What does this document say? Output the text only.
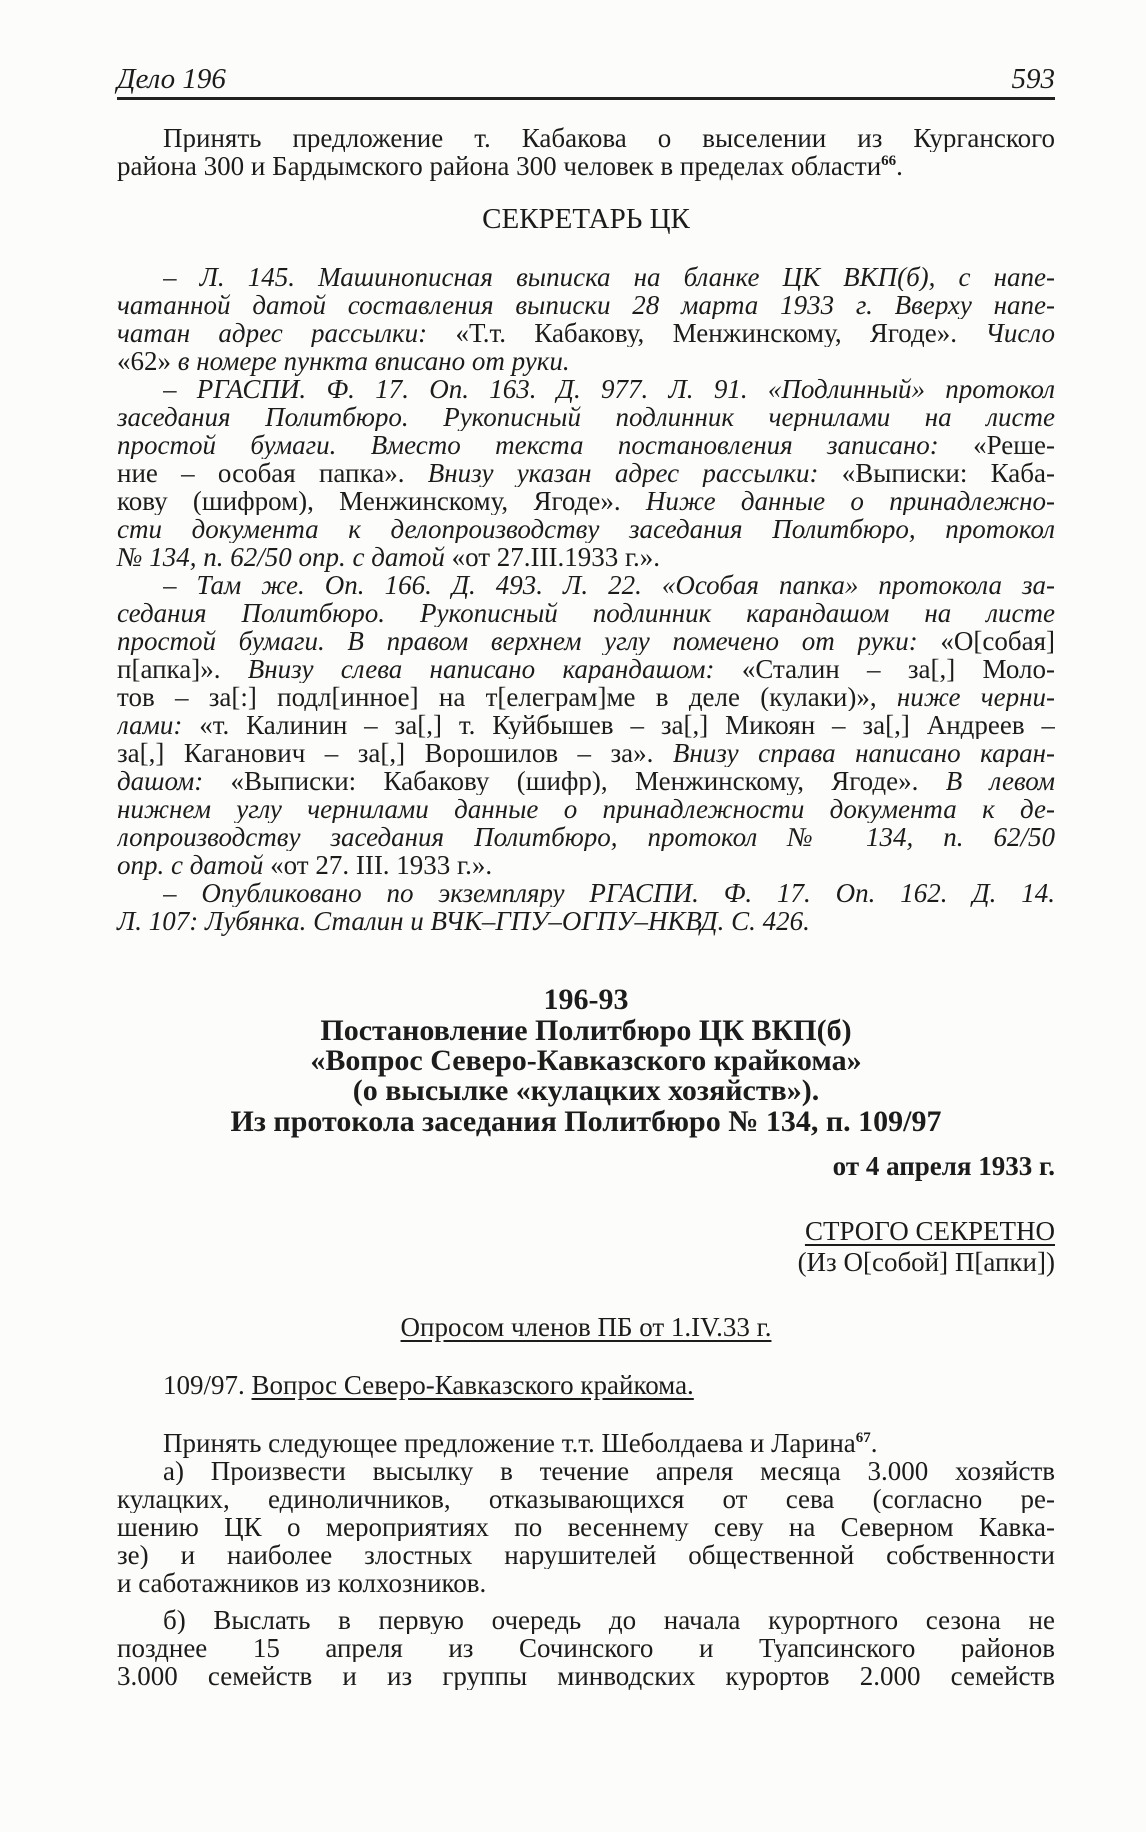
Дело 196	593
Принять предложение т. Кабакова о выселении из Курганского
района 300 и Бардымского района 300 человек в пределах области$^{66}$.
СЕКРЕТАРЬ ЦК
– Л. 145. Машинописная выписка на бланке ЦК ВКП(б), с напе-
чатанной датой составления выписки 28 марта 1933 г. Вверху напе-
чатан адрес рассылки: «Т.т. Кабакову, Менжинскому, Ягоде». Число
«62» в номере пункта вписано от руки.
– РГАСПИ. Ф. 17. Оп. 163. Д. 977. Л. 91. «Подлинный» протокол
заседания Политбюро. Рукописный подлинник чернилами на листе
простой бумаги. Вместо текста постановления записано: «Реше-
ние – особая папка». Внизу указан адрес рассылки: «Выписки: Каба-
кову (шифром), Менжинскому, Ягоде». Ниже данные о принадлежно-
сти документа к делопроизводству заседания Политбюро, протокол
№ 134, п. 62/50 опр. с датой «от 27.III.1933 г.».
– Там же. Оп. 166. Д. 493. Л. 22. «Особая папка» протокола за-
седания Политбюро. Рукописный подлинник карандашом на листе
простой бумаги. В правом верхнем углу помечено от руки: «О[собая]
п[апка]». Внизу слева написано карандашом: «Сталин – за[,] Моло-
тов – за[:] подл[инное] на т[елеграм]ме в деле (кулаки)», ниже черни-
лами: «т. Калинин – за[,] т. Куйбышев – за[,] Микоян – за[,] Андреев –
за[,] Каганович – за[,] Ворошилов – за». Внизу справа написано каран-
дашом: «Выписки: Кабакову (шифр), Менжинскому, Ягоде». В левом
нижнем углу чернилами данные о принадлежности документа к де-
лопроизводству заседания Политбюро, протокол № 134, п. 62/50
опр. с датой «от 27. III. 1933 г.».
– Опубликовано по экземпляру РГАСПИ. Ф. 17. Оп. 162. Д. 14.
Л. 107: Лубянка. Сталин и ВЧК–ГПУ–ОГПУ–НКВД. С. 426.
196-93
Постановление Политбюро ЦК ВКП(б)
«Вопрос Северо-Кавказского крайкома»
(о высылке «кулацких хозяйств»).
Из протокола заседания Политбюро № 134, п. 109/97
от 4 апреля 1933 г.
СТРОГО СЕКРЕТНО
(Из О[собой] П[апки])
Опросом членов ПБ от 1.IV.33 г.
109/97. Вопрос Северо-Кавказского крайкома.
Принять следующее предложение т.т. Шеболдаева и Ларина$^{67}$.
а) Произвести высылку в течение апреля месяца 3.000 хозяйств
кулацких, единоличников, отказывающихся от сева (согласно ре-
шению ЦК о мероприятиях по весеннему севу на Северном Кавка-
зе) и наиболее злостных нарушителей общественной собственности
и саботажников из колхозников.
б) Выслать в первую очередь до начала курортного сезона не
позднее 15 апреля из Сочинского и Туапсинского районов
3.000 семейств и из группы минводских курортов 2.000 семейств
